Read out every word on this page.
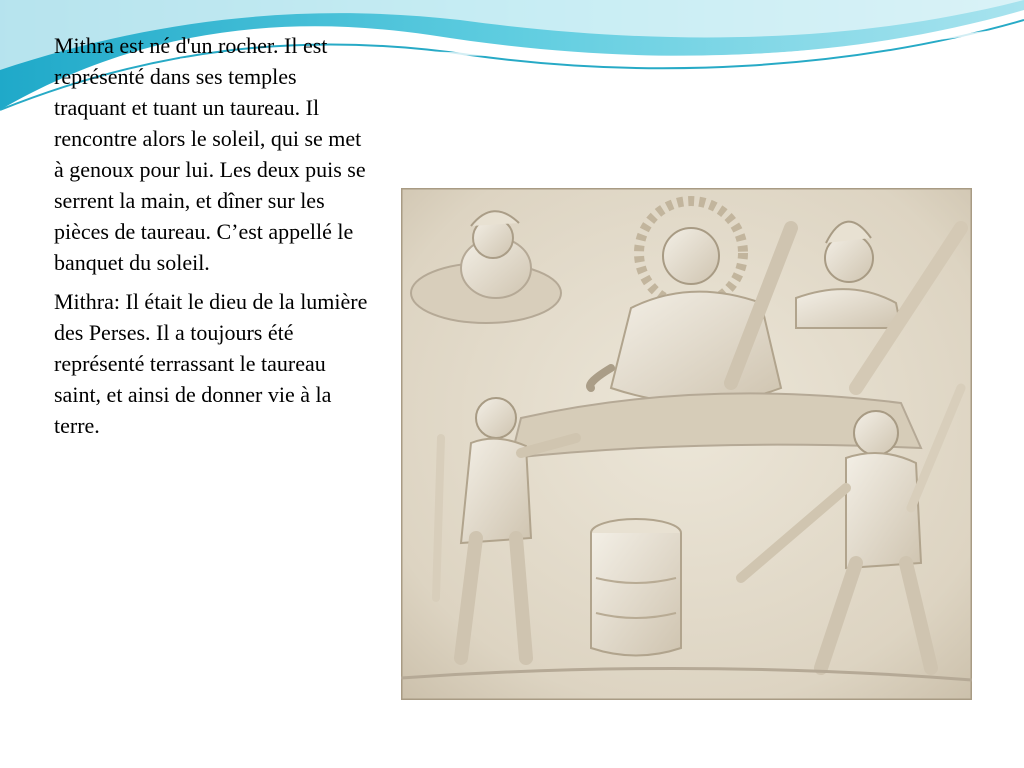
Mithra est né d'un rocher. Il est représenté dans ses temples traquant et tuant un taureau. Il rencontre alors le soleil, qui se met à genoux pour lui. Les deux puis se serrent la main, et dîner sur les pièces de taureau. C’est appellé le banquet du soleil.

Mithra: Il était le dieu de la lumière des Perses. Il a toujours été représenté terrassant le taureau saint, et ainsi de donner vie à la terre.
